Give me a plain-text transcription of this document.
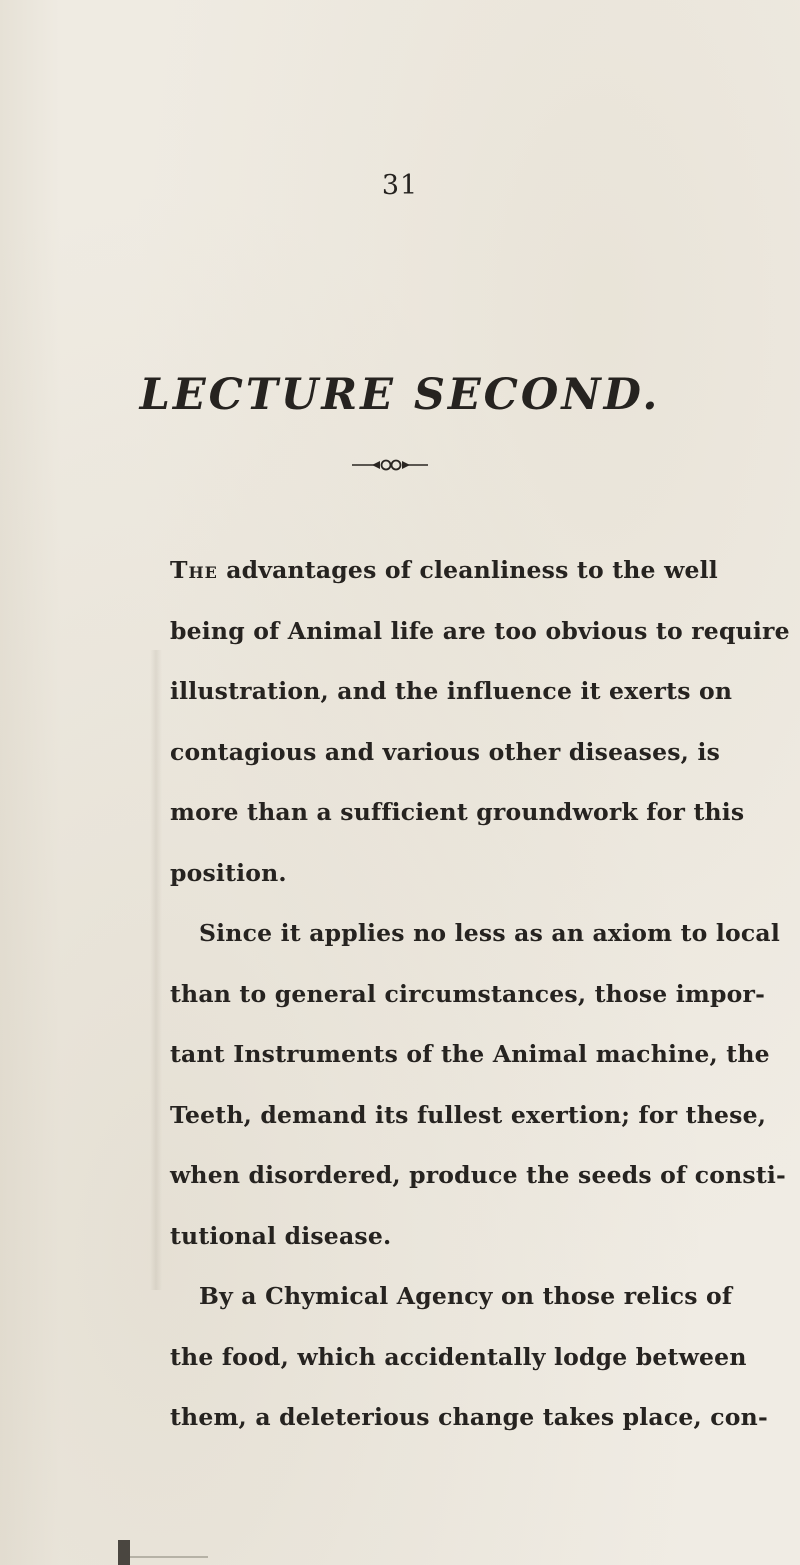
31
LECTURE SECOND.

The advantages of cleanliness to the well
being of Animal life are too obvious to require
illustration, and the influence it exerts on
contagious and various other diseases, is
more than a sufficient groundwork for this
position.

Since it applies no less as an axiom to local
than to general circumstances, those impor-
tant Instruments of the Animal machine, the
Teeth, demand its fullest exertion; for these,
when disordered, produce the seeds of consti-
tutional disease.

By a Chymical Agency on those relics of
the food, which accidentally lodge between
them, a deleterious change takes place, con-
